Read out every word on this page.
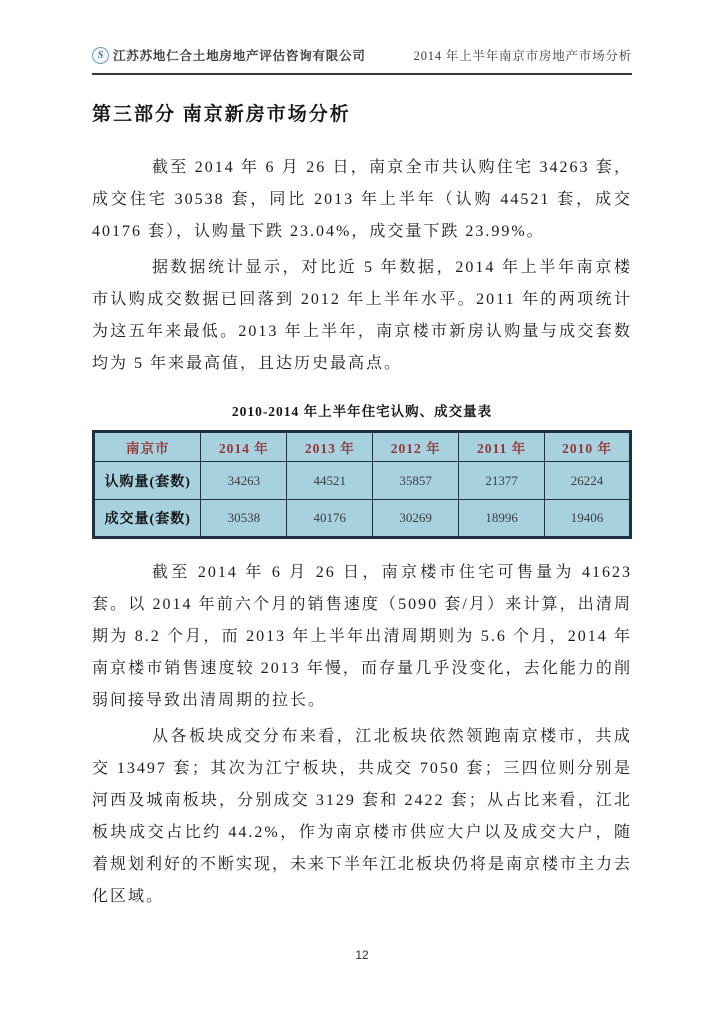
S 江苏苏地仁合土地房地产评估咨询有限公司	2014 年上半年南京市房地产市场分析
第三部分 南京新房市场分析

截至 2014 年 6 月 26 日，南京全市共认购住宅 34263 套，成交住宅 30538 套，同比 2013 年上半年（认购 44521 套，成交 40176 套），认购量下跌 23.04%，成交量下跌 23.99%。

据数据统计显示，对比近 5 年数据，2014 年上半年南京楼市认购成交数据已回落到 2012 年上半年水平。2011 年的两项统计为这五年来最低。2013 年上半年，南京楼市新房认购量与成交套数均为 5 年来最高值，且达历史最高点。

2010-2014 年上半年住宅认购、成交量表
南京市	2014 年	2013 年	2012 年	2011 年	2010 年
认购量(套数)	34263	44521	35857	21377	26224
成交量(套数)	30538	40176	30269	18996	19406

截至 2014 年 6 月 26 日，南京楼市住宅可售量为 41623 套。以 2014 年前六个月的销售速度（5090 套/月）来计算，出清周期为 8.2 个月，而 2013 年上半年出清周期则为 5.6 个月，2014 年南京楼市销售速度较 2013 年慢，而存量几乎没变化，去化能力的削弱间接导致出清周期的拉长。

从各板块成交分布来看，江北板块依然领跑南京楼市，共成交 13497 套；其次为江宁板块，共成交 7050 套；三四位则分别是河西及城南板块，分别成交 3129 套和 2422 套；从占比来看，江北板块成交占比约 44.2%，作为南京楼市供应大户以及成交大户，随着规划利好的不断实现，未来下半年江北板块仍将是南京楼市主力去化区域。

12
